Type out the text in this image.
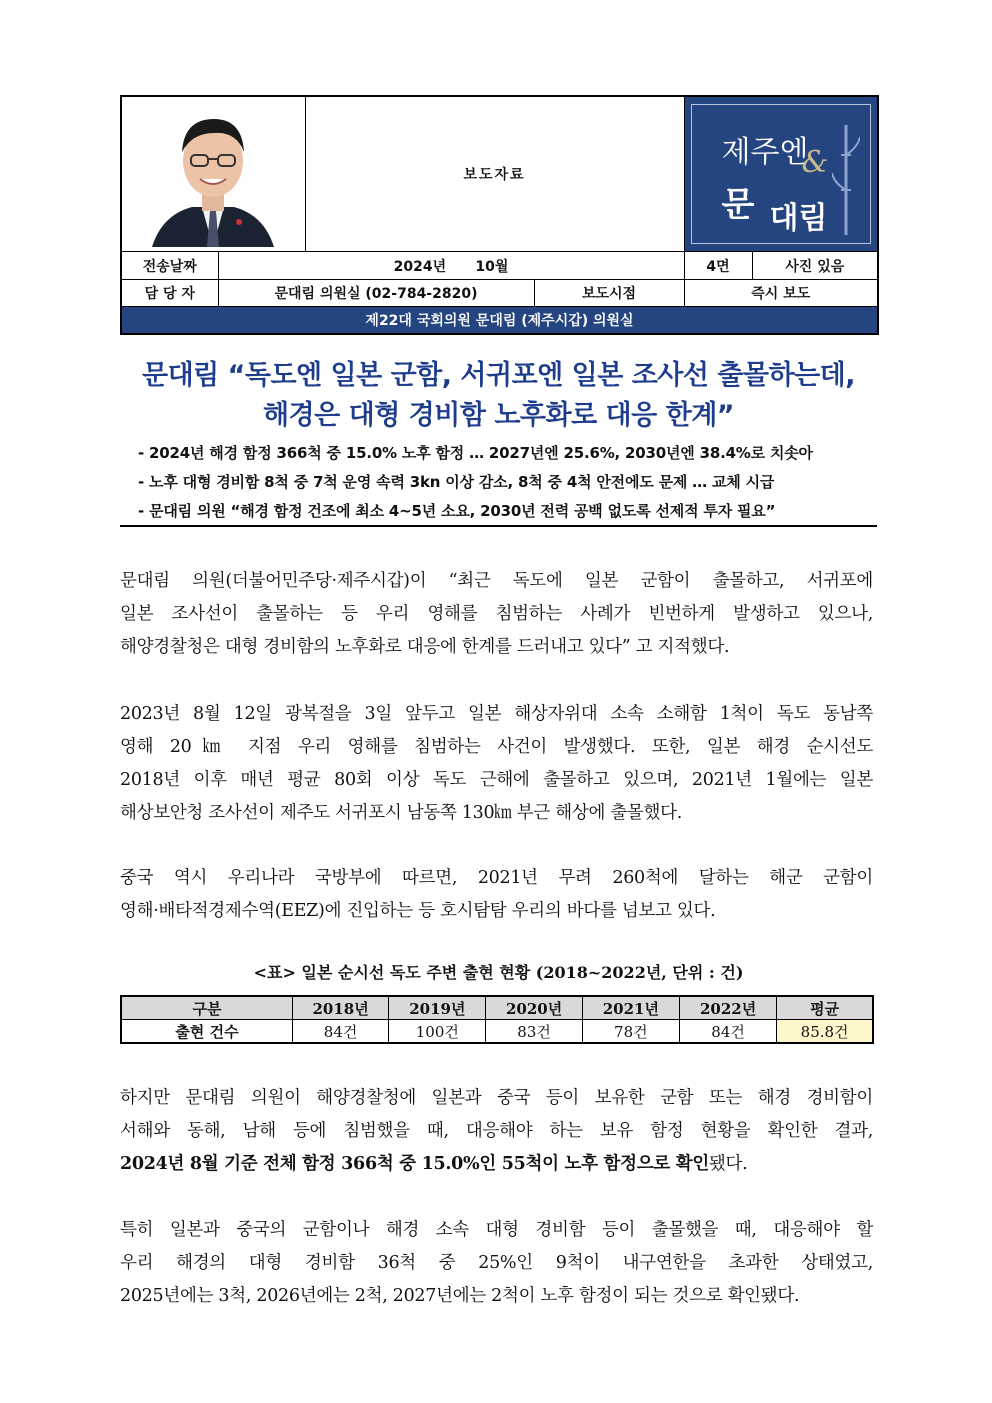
	보도자료		제주엔
&
문 대림	

전송날짜	2024년      10월			4면	사진 있음
담 당 자	문대림 의원실 (02-784-2820)		보도시점	즉시 보도	
제22대 국회의원 문대림 (제주시갑) 의원실					
문대림 “독도엔 일본 군함, 서귀포엔 일본 조사선 출몰하는데,
해경은 대형 경비함 노후화로 대응 한계”
- 2024년 해경 함정 366척 중 15.0% 노후 함정 … 2027년엔 25.6%, 2030년엔 38.4%로 치솟아
- 노후 대형 경비함 8척 중 7척 운영 속력 3kn 이상 감소, 8척 중 4척 안전에도 문제 … 교체 시급
- 문대림 의원 “해경 함정 건조에 최소 4~5년 소요, 2030년 전력 공백 없도록 선제적 투자 필요”
문대림 의원(더불어민주당·제주시갑)이 “최근 독도에 일본 군함이 출몰하고, 서귀포에
일본 조사선이 출몰하는 등 우리 영해를 침범하는 사례가 빈번하게 발생하고 있으나,
해양경찰청은 대형 경비함의 노후화로 대응에 한계를 드러내고 있다” 고 지적했다.
2023년 8월 12일 광복절을 3일 앞두고 일본 해상자위대 소속 소해함 1척이 독도 동남쪽
영해 20㎞ 지점 우리 영해를 침범하는 사건이 발생했다. 또한, 일본 해경 순시선도
2018년 이후 매년 평균 80회 이상 독도 근해에 출몰하고 있으며, 2021년 1월에는 일본
해상보안청 조사선이 제주도 서귀포시 남동쪽 130㎞ 부근 해상에 출몰했다.
중국 역시 우리나라 국방부에 따르면, 2021년 무려 260척에 달하는 해군 군함이
영해·배타적경제수역(EEZ)에 진입하는 등 호시탐탐 우리의 바다를 넘보고 있다.
<표> 일본 순시선 독도 주변 출현 현황 (2018~2022년, 단위 : 건)
구분	2018년	2019년	2020년	2021년	2022년	평균
출현 건수	84건	100건	83건	78건	84건	85.8건
하지만 문대림 의원이 해양경찰청에 일본과 중국 등이 보유한 군함 또는 해경 경비함이
서해와 동해, 남해 등에 침범했을 때, 대응해야 하는 보유 함정 현황을 확인한 결과,
2024년 8월 기준 전체 함정 366척 중 15.0%인 55척이 노후 함정으로 확인됐다.
특히 일본과 중국의 군함이나 해경 소속 대형 경비함 등이 출몰했을 때, 대응해야 할
우리 해경의 대형 경비함 36척 중 25%인 9척이 내구연한을 초과한 상태였고,
2025년에는 3척, 2026년에는 2척, 2027년에는 2척이 노후 함정이 되는 것으로 확인됐다.
